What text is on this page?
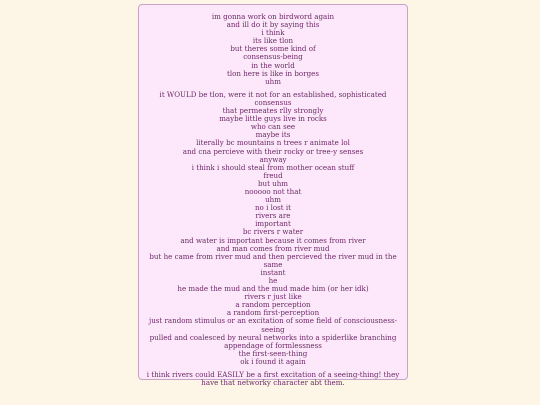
im gonna work on birdword again

and ill do it by saying this

i think

its like tlon

but theres some kind of

consensus-being

in the world

tlon here is like in borges

uhm

it WOULD be tlon, were it not for an established, sophisticated consensus

that permeates rlly strongly

maybe little guys live in rocks

who can see

maybe its

literally bc mountains n trees r animate lol

and cna percieve with their rocky or tree-y senses

anyway

i think i should steal from mother ocean stuff

freud

but uhm

nooooo not that

uhm

no i lost it

rivers are

important

bc rivers r water

and water is important because it comes from river

and man comes from river mud

but he came from river mud and then percieved the river mud in the same

instant

he

he made the mud and the mud made him (or her idk)

rivers r just like

a random perception

a random first-perception

just random stimulus or an excitation of some field of consciousness-

seeing

pulled and coalesced by neural networks into a spiderlike branching

appendage of formlessness

the first-seen-thing

ok i found it again

i think rivers could EASILY be a first excitation of a seeing-thing! they

have that networky character abt them.
